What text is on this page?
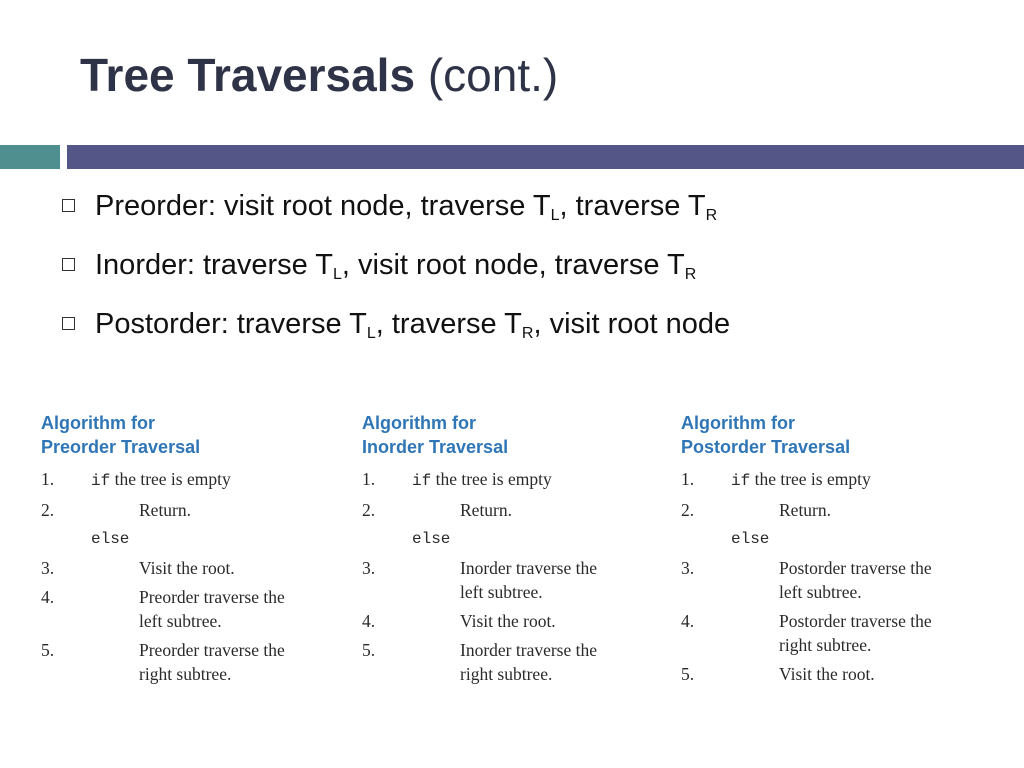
Tree Traversals (cont.)
Preorder: visit root node, traverse $T_L$, traverse $T_R$
Inorder: traverse $T_L$, visit root node, traverse $T_R$
Postorder: traverse $T_L$, traverse $T_R$, visit root node
Algorithm for
Preorder Traversal
1. if the tree is empty
2.	Return.
else
3.	Visit the root.
4.	Preorder traverse the
left subtree.
5.	Preorder traverse the
right subtree.
Algorithm for
Inorder Traversal
1. if the tree is empty
2.	Return.
else
3.	Inorder traverse the
left subtree.
4.	Visit the root.
5.	Inorder traverse the
right subtree.
Algorithm for
Postorder Traversal
1. if the tree is empty
2.	Return.
else
3.	Postorder traverse the
left subtree.
4.	Postorder traverse the
right subtree.
5.	Visit the root.
